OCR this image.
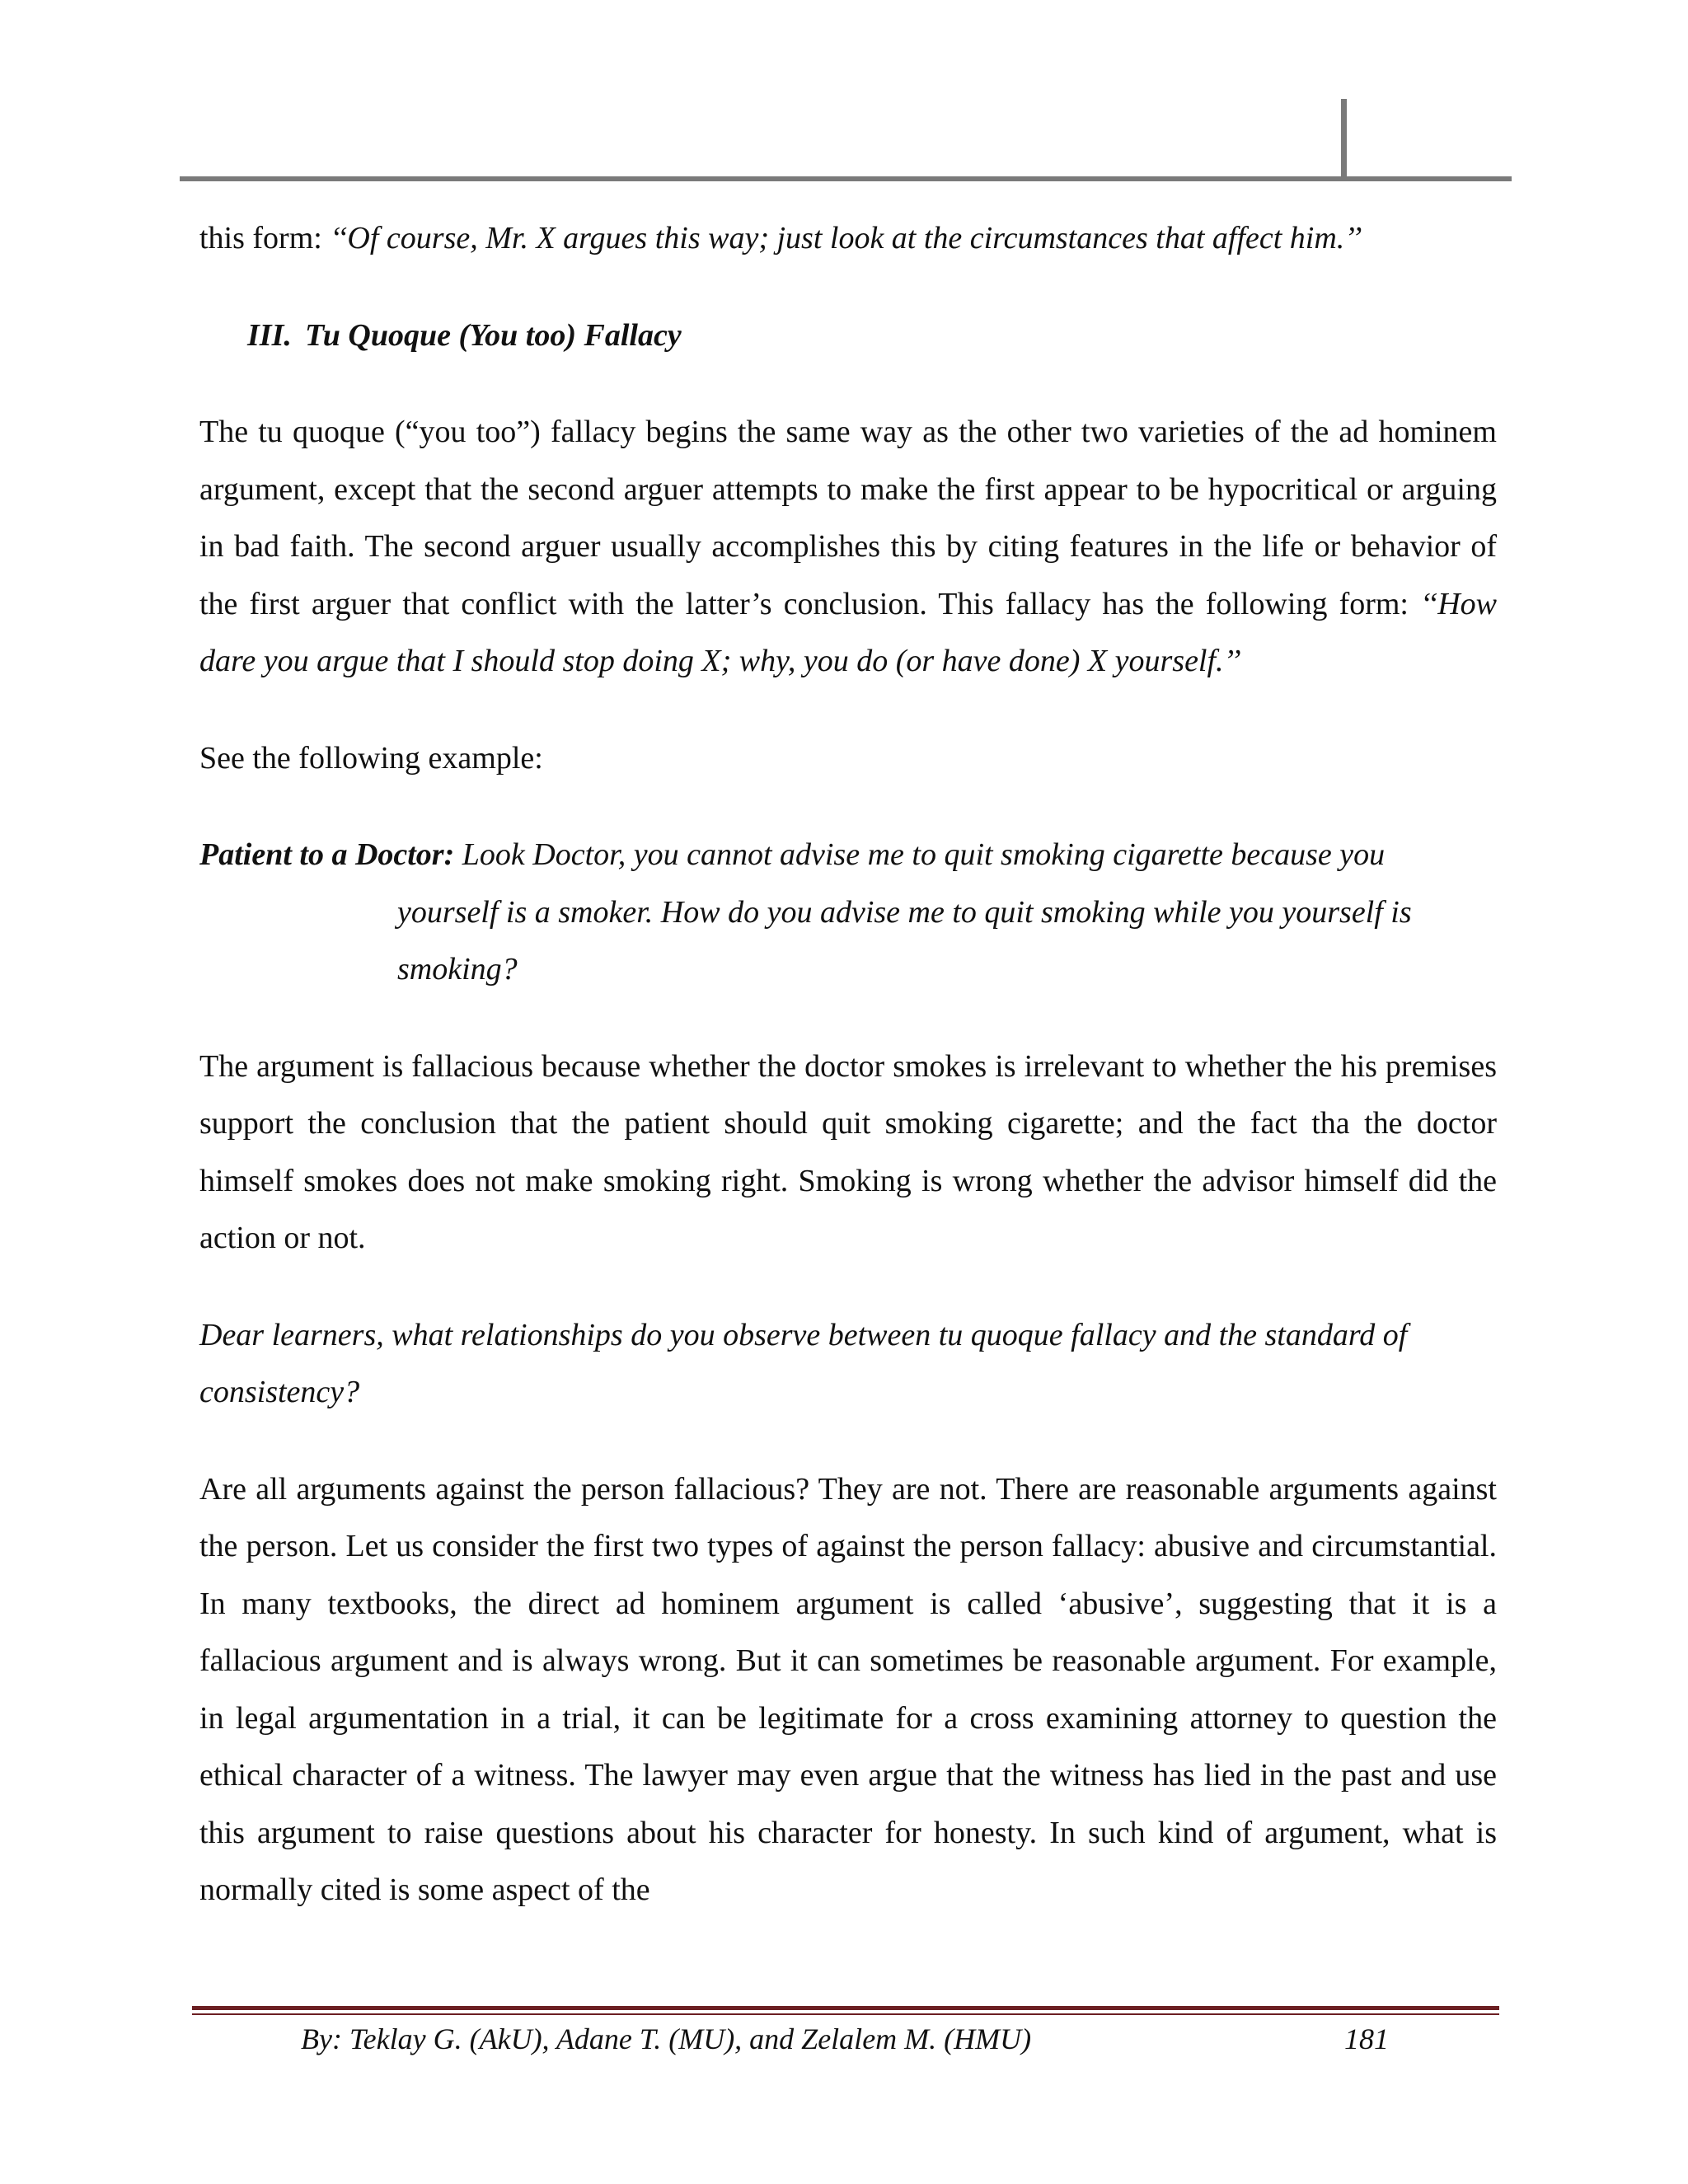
this form: ‘‘Of course, Mr. X argues this way; just look at the circumstances that affect him.’’

III. Tu Quoque (You too) Fallacy

The tu quoque (“you too”) fallacy begins the same way as the other two varieties of the ad hominem argument, except that the second arguer attempts to make the first appear to be hypocritical or arguing in bad faith. The second arguer usually accomplishes this by citing features in the life or behavior of the first arguer that conflict with the latter’s conclusion. This fallacy has the following form: ‘‘How dare you argue that I should stop doing X; why, you do (or have done) X yourself.’’

See the following example:

Patient to a Doctor: Look Doctor, you cannot advise me to quit smoking cigarette because you

yourself is a smoker. How do you advise me to quit smoking while you yourself is smoking?

The argument is fallacious because whether the doctor smokes is irrelevant to whether the his premises support the conclusion that the patient should quit smoking cigarette; and the fact tha the doctor himself smokes does not make smoking right. Smoking is wrong whether the advisor himself did the action or not.

Dear learners, what relationships do you observe between tu quoque fallacy and the standard of consistency?

Are all arguments against the person fallacious? They are not. There are reasonable arguments against the person. Let us consider the first two types of against the person fallacy: abusive and circumstantial. In many textbooks, the direct ad hominem argument is called ‘abusive’, suggesting that it is a fallacious argument and is always wrong. But it can sometimes be reasonable argument. For example, in legal argumentation in a trial, it can be legitimate for a cross examining attorney to question the ethical character of a witness. The lawyer may even argue that the witness has lied in the past and use this argument to raise questions about his character for honesty. In such kind of argument, what is normally cited is some aspect of the

By: Teklay G. (AkU), Adane T. (MU), and Zelalem M. (HMU)	181
